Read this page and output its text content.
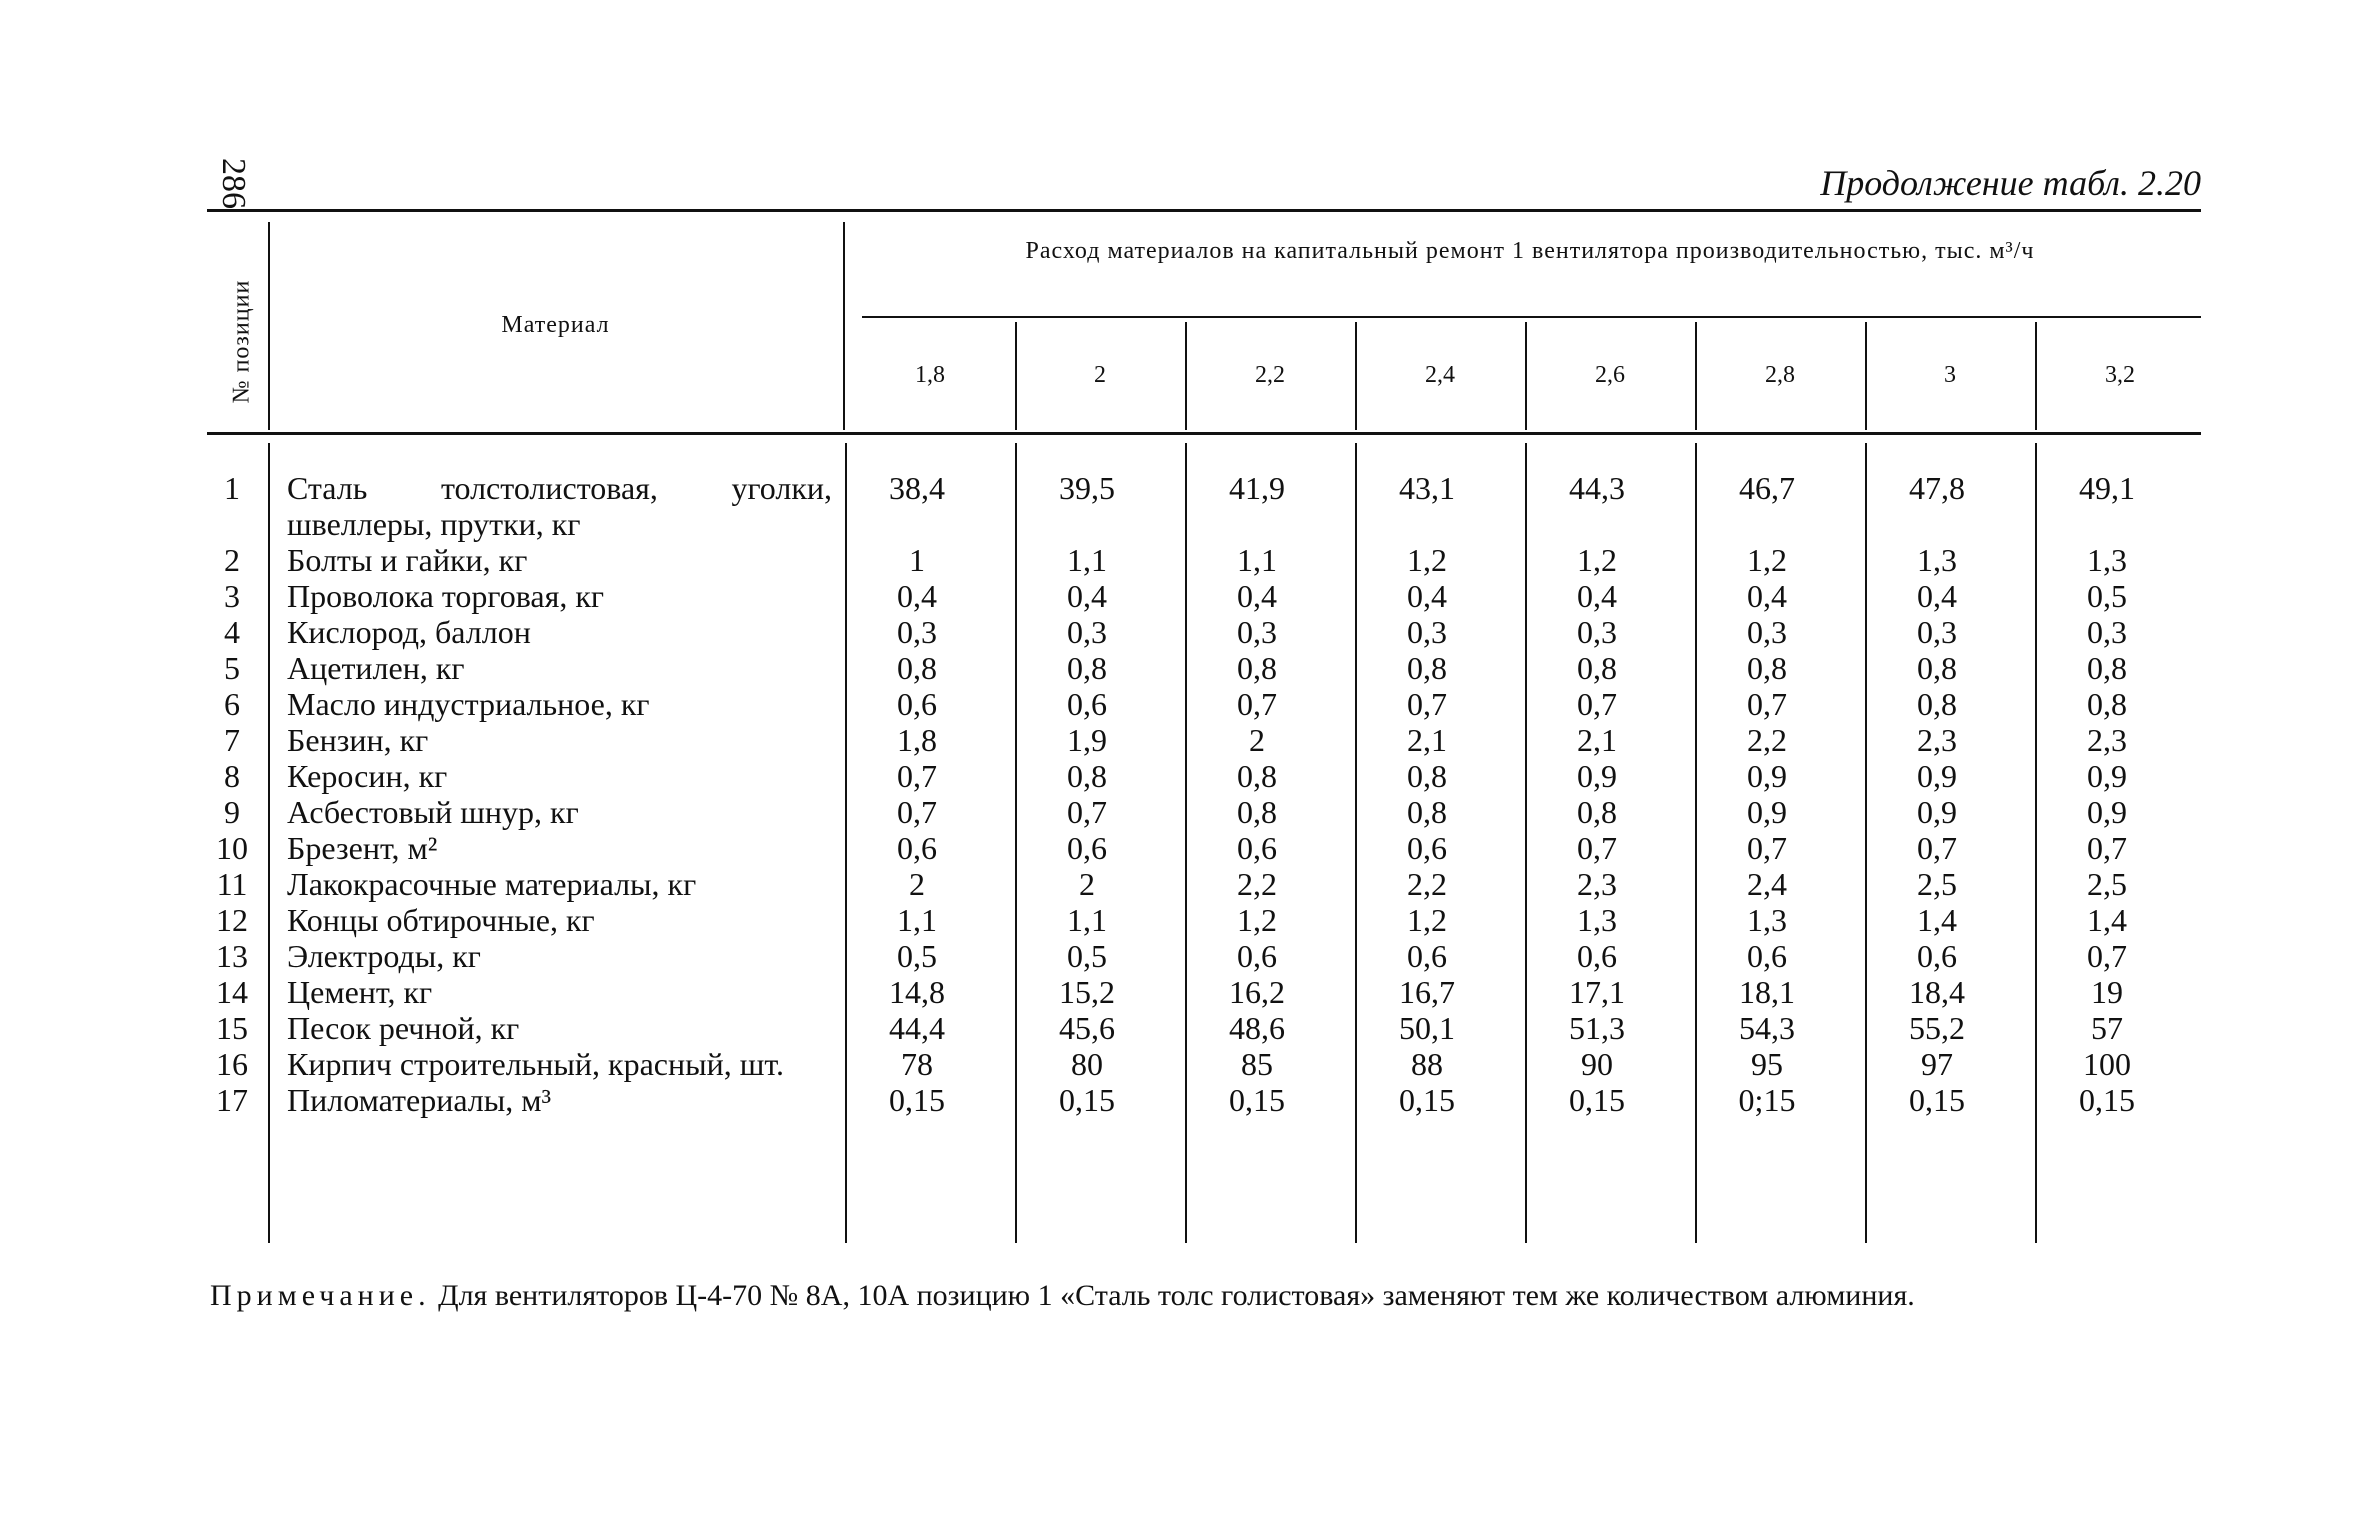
286	Продолжение табл. 2.20
№ позиции	Материал
Расход материалов на капитальный ремонт 1 вентилятора производительностью, тыс. м³/ч
1,8	2	2,2	2,4	2,6	2,8	3	3,2
1	Сталь толстолистовая, уголки, швеллеры, прутки, кг	38,4	39,5	41,9	43,1	44,3	46,7	47,8	49,1
2	Болты и гайки, кг	1	1,1	1,1	1,2	1,2	1,2	1,3	1,3
3	Проволока торговая, кг	0,4	0,4	0,4	0,4	0,4	0,4	0,4	0,5
4	Кислород, баллон	0,3	0,3	0,3	0,3	0,3	0,3	0,3	0,3
5	Ацетилен, кг	0,8	0,8	0,8	0,8	0,8	0,8	0,8	0,8
6	Масло индустриальное, кг	0,6	0,6	0,7	0,7	0,7	0,7	0,8	0,8
7	Бензин, кг	1,8	1,9	2	2,1	2,1	2,2	2,3	2,3
8	Керосин, кг	0,7	0,8	0,8	0,8	0,9	0,9	0,9	0,9
9	Асбестовый шнур, кг	0,7	0,7	0,8	0,8	0,8	0,9	0,9	0,9
10	Брезент, м²	0,6	0,6	0,6	0,6	0,7	0,7	0,7	0,7
11	Лакокрасочные материалы, кг	2	2	2,2	2,2	2,3	2,4	2,5	2,5
12	Концы обтирочные, кг	1,1	1,1	1,2	1,2	1,3	1,3	1,4	1,4
13	Электроды, кг	0,5	0,5	0,6	0,6	0,6	0,6	0,6	0,7
14	Цемент, кг	14,8	15,2	16,2	16,7	17,1	18,1	18,4	19
15	Песок речной, кг	44,4	45,6	48,6	50,1	51,3	54,3	55,2	57
16	Кирпич строительный, красный, шт.	78	80	85	88	90	95	97	100
17	Пиломатериалы, м³	0,15	0,15	0,15	0,15	0,15	0;15	0,15	0,15
Примечание. Для вентиляторов Ц-4-70 № 8А, 10А позицию 1 «Сталь толс голистовая» заменяют тем же количеством алюминия.
